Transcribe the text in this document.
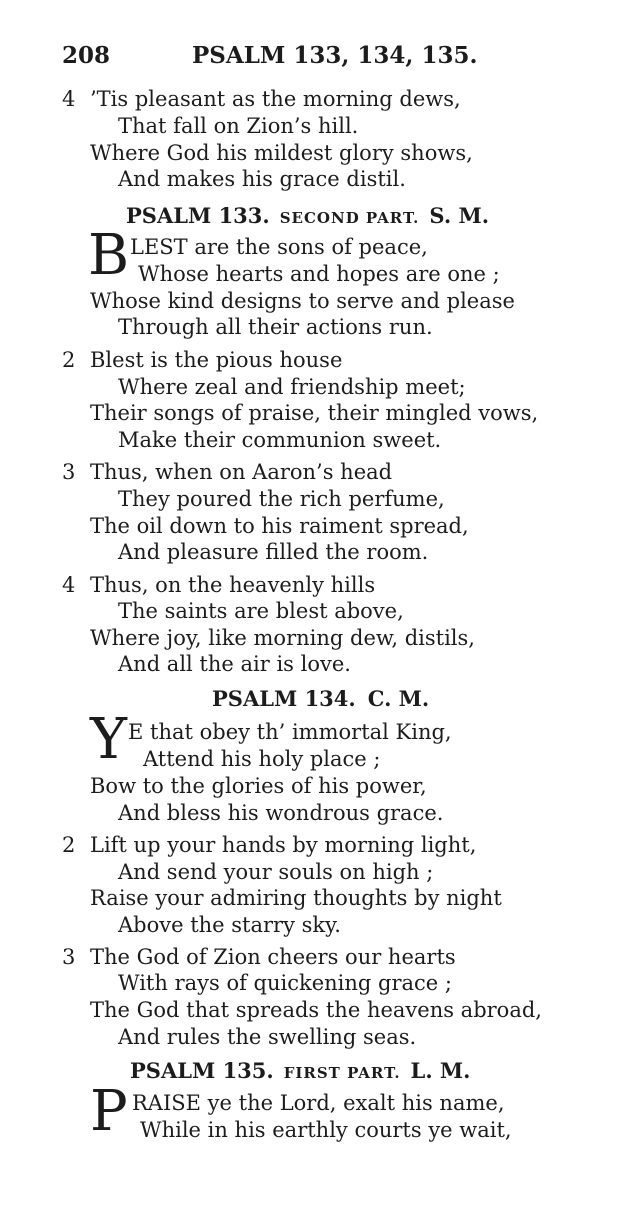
208	PSALM 133, 134, 135.
4 ’Tis pleasant as the morning dews,
That fall on Zion’s hill.
Where God his mildest glory shows,
And makes his grace distil.
PSALM 133. SECOND PART. S. M.
B LEST are the sons of peace,
Whose hearts and hopes are one ;
Whose kind designs to serve and please
Through all their actions run.
2 Blest is the pious house
Where zeal and friendship meet;
Their songs of praise, their mingled vows,
Make their communion sweet.
3 Thus, when on Aaron’s head
They poured the rich perfume,
The oil down to his raiment spread,
And pleasure filled the room.
4 Thus, on the heavenly hills
The saints are blest above,
Where joy, like morning dew, distils,
And all the air is love.
PSALM 134. C. M.
Y E that obey th’ immortal King,
Attend his holy place ;
Bow to the glories of his power,
And bless his wondrous grace.
2 Lift up your hands by morning light,
And send your souls on high ;
Raise your admiring thoughts by night
Above the starry sky.
3 The God of Zion cheers our hearts
With rays of quickening grace ;
The God that spreads the heavens abroad,
And rules the swelling seas.
PSALM 135. FIRST PART. L. M.
P RAISE ye the Lord, exalt his name,
While in his earthly courts ye wait,
